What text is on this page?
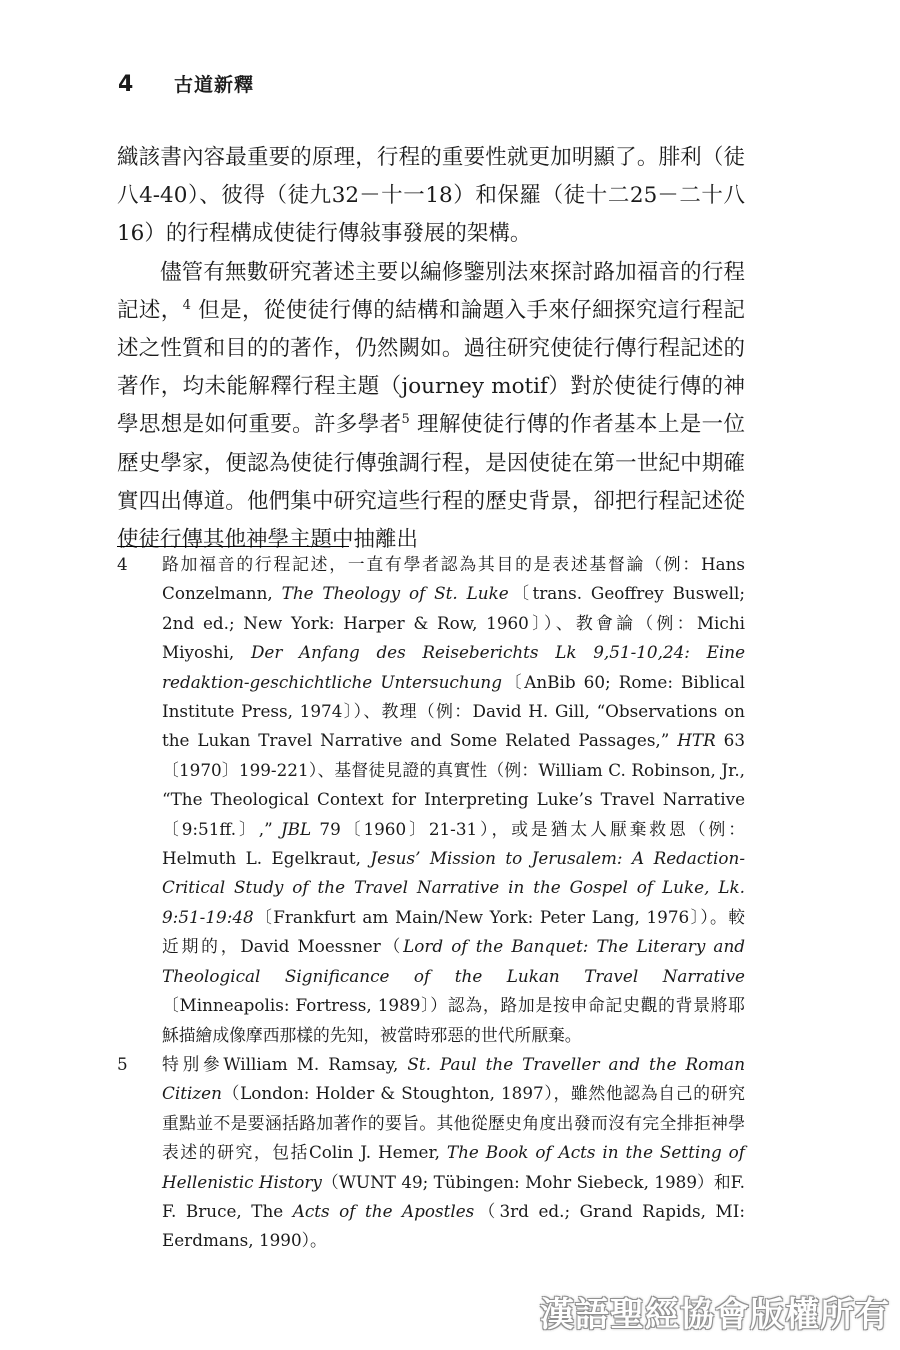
4	古道新釋

織該書內容最重要的原理，行程的重要性就更加明顯了。腓利（徒八4-40）、彼得（徒九32－十一18）和保羅（徒十二25－二十八16）的行程構成使徒行傳敍事發展的架構。

儘管有無數研究著述主要以編修鑒別法來探討路加福音的行程記述，$^4$ 但是，從使徒行傳的結構和論題入手來仔細探究這行程記述之性質和目的的著作，仍然闕如。過往研究使徒行傳行程記述的著作，均未能解釋行程主題（journey motif）對於使徒行傳的神學思想是如何重要。許多學者$^5$ 理解使徒行傳的作者基本上是一位歷史學家，便認為使徒行傳強調行程，是因使徒在第一世紀中期確實四出傳道。他們集中研究這些行程的歷史背景，卻把行程記述從使徒行傳其他神學主題中抽離出

4	路加福音的行程記述，一直有學者認為其目的是表述基督論（例：Hans Conzelmann, The Theology of St. Luke〔trans. Geoffrey Buswell; 2nd ed.; New York: Harper & Row, 1960〕）、教會論（例：Michi Miyoshi, Der Anfang des Reiseberichts Lk 9,51-10,24: Eine redaktion-geschichtliche Untersuchung〔AnBib 60; Rome: Biblical Institute Press, 1974〕）、教理（例：David H. Gill, “Observations on the Lukan Travel Narrative and Some Related Passages,” HTR 63〔1970〕199-221）、基督徒見證的真實性（例：William C. Robinson, Jr., “The Theological Context for Interpreting Luke’s Travel Narrative〔9:51ff.〕,” JBL 79〔1960〕21-31），或是猶太人厭棄救恩（例：Helmuth L. Egelkraut, Jesus’ Mission to Jerusalem: A Redaction-Critical Study of the Travel Narrative in the Gospel of Luke, Lk. 9:51-19:48〔Frankfurt am Main/New York: Peter Lang, 1976〕）。較近期的，David Moessner（Lord of the Banquet: The Literary and Theological Significance of the Lukan Travel Narrative〔Minneapolis: Fortress, 1989〕）認為，路加是按申命記史觀的背景將耶穌描繪成像摩西那樣的先知，被當時邪惡的世代所厭棄。
5	特別參William M. Ramsay, St. Paul the Traveller and the Roman Citizen（London: Holder & Stoughton, 1897），雖然他認為自己的研究重點並不是要涵括路加著作的要旨。其他從歷史角度出發而沒有完全排拒神學表述的研究，包括Colin J. Hemer, The Book of Acts in the Setting of Hellenistic History（WUNT 49; Tübingen: Mohr Siebeck, 1989）和F. F. Bruce, The Acts of the Apostles（3rd ed.; Grand Rapids, MI: Eerdmans, 1990）。
漢語聖經協會版權所有
